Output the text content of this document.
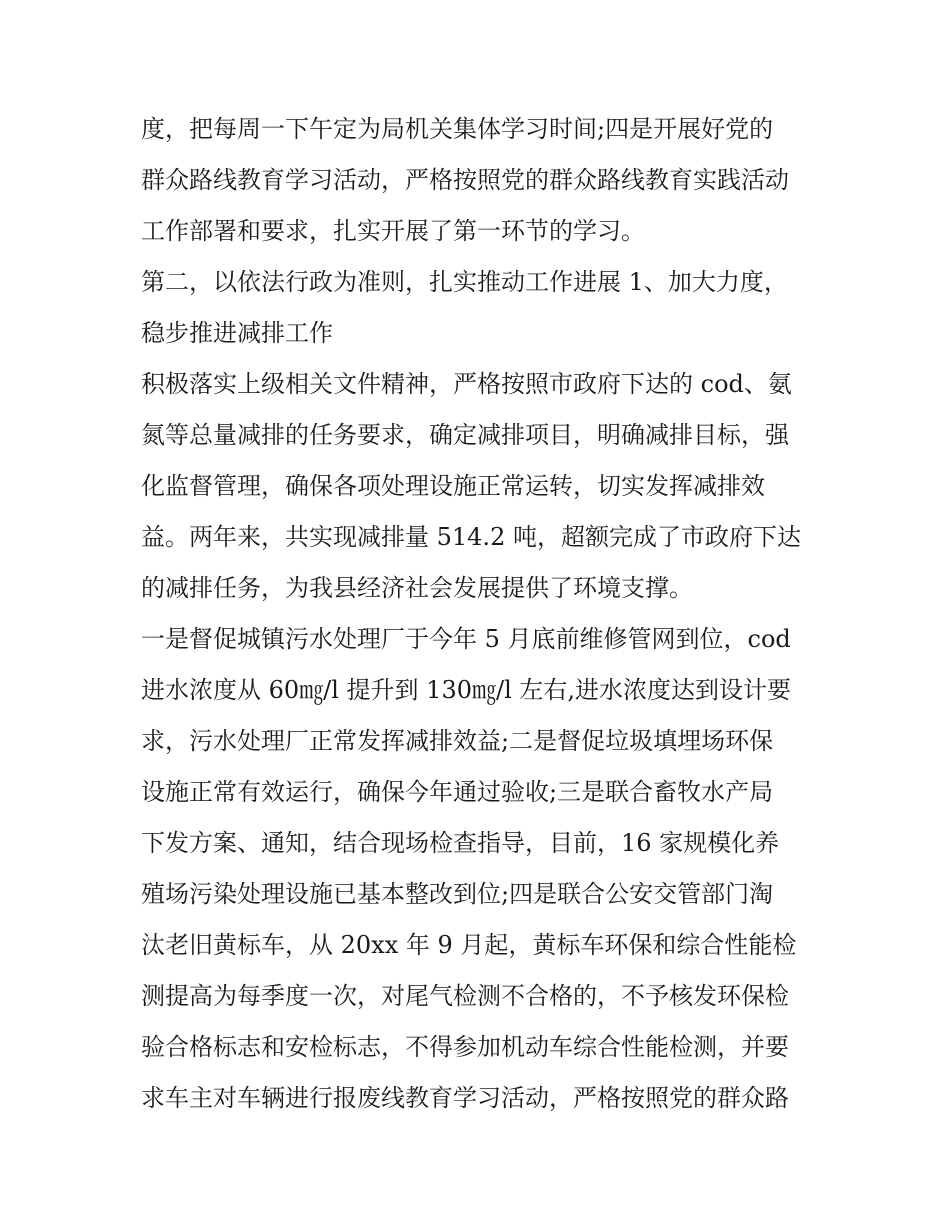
度，把每周一下午定为局机关集体学习时间;四是开展好党的
群众路线教育学习活动，严格按照党的群众路线教育实践活动
工作部署和要求，扎实开展了第一环节的学习。
第二，以依法行政为准则，扎实推动工作进展 1、加大力度，
稳步推进减排工作
积极落实上级相关文件精神，严格按照市政府下达的 cod、氨
氮等总量减排的任务要求，确定减排项目，明确减排目标，强
化监督管理，确保各项处理设施正常运转，切实发挥减排效
益。两年来，共实现减排量 514.2 吨，超额完成了市政府下达
的减排任务，为我县经济社会发展提供了环境支撑。
一是督促城镇污水处理厂于今年 5 月底前维修管网到位，cod
进水浓度从 60㎎/l 提升到 130㎎/l 左右,进水浓度达到设计要
求，污水处理厂正常发挥减排效益;二是督促垃圾填埋场环保
设施正常有效运行，确保今年通过验收;三是联合畜牧水产局
下发方案、通知，结合现场检查指导，目前，16 家规模化养
殖场污染处理设施已基本整改到位;四是联合公安交管部门淘
汰老旧黄标车，从 20xx 年 9 月起，黄标车环保和综合性能检
测提高为每季度一次，对尾气检测不合格的，不予核发环保检
验合格标志和安检标志，不得参加机动车综合性能检测，并要
求车主对车辆进行报废线教育学习活动，严格按照党的群众路
